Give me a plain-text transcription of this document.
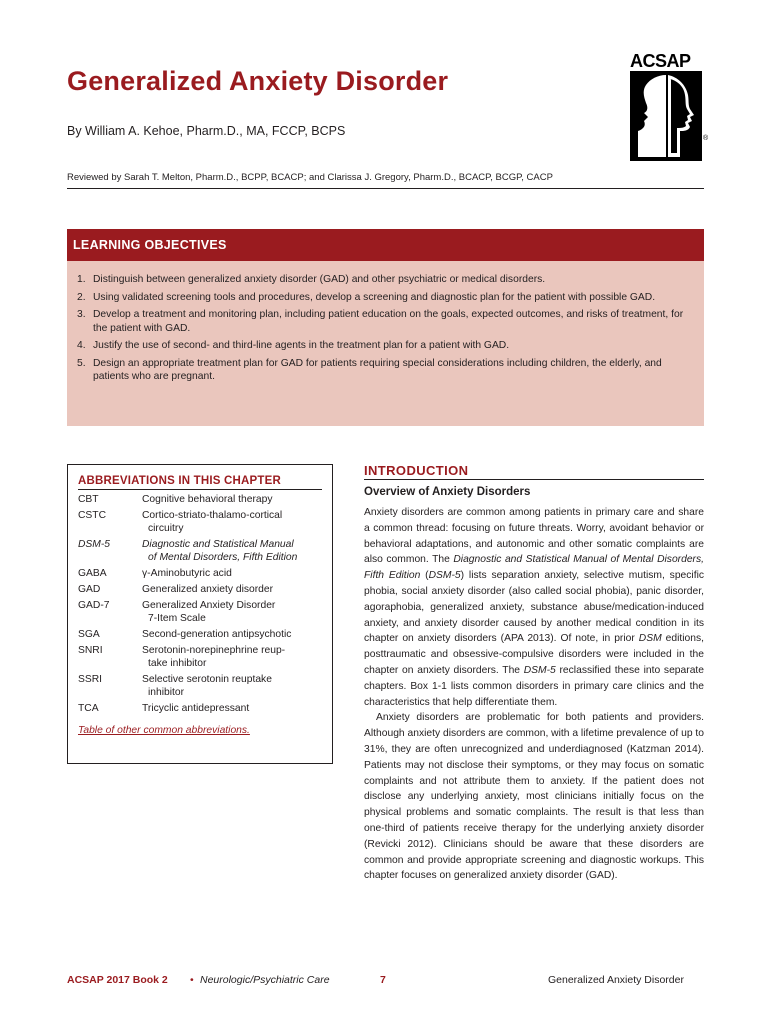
Generalized Anxiety Disorder
By William A. Kehoe, Pharm.D., MA, FCCP, BCPS
Reviewed by Sarah T. Melton, Pharm.D., BCPP, BCACP; and Clarissa J. Gregory, Pharm.D., BCACP, BCGP, CACP
ACSAP
®
LEARNING OBJECTIVES
1. Distinguish between generalized anxiety disorder (GAD) and other psychiatric or medical disorders.
2. Using validated screening tools and procedures, develop a screening and diagnostic plan for the patient with possible GAD.
3. Develop a treatment and monitoring plan, including patient education on the goals, expected outcomes, and risks of treatment, for the patient with GAD.
4. Justify the use of second- and third-line agents in the treatment plan for a patient with GAD.
5. Design an appropriate treatment plan for GAD for patients requiring special considerations including children, the elderly, and patients who are pregnant.
ABBREVIATIONS IN THIS CHAPTER
CBT	Cognitive behavioral therapy
CSTC	Cortico-striato-thalamo-cortical
circuitry
DSM-5	Diagnostic and Statistical Manual
of Mental Disorders, Fifth Edition
GABA	γ-Aminobutyric acid
GAD	Generalized anxiety disorder
GAD-7	Generalized Anxiety Disorder
7-Item Scale
SGA	Second-generation antipsychotic
SNRI	Serotonin-norepinephrine reup-
take inhibitor
SSRI	Selective serotonin reuptake
inhibitor
TCA	Tricyclic antidepressant
Table of other common abbreviations.
INTRODUCTION
Overview of Anxiety Disorders

Anxiety disorders are common among patients in primary care and share a common thread: focusing on future threats. Worry, avoidant behavior or behavioral adaptations, and autonomic and other somatic complaints are also common. The Diagnostic and Statistical Manual of Mental Disorders, Fifth Edition (DSM-5) lists separation anxiety, selective mutism, specific phobia, social anxiety disorder (also called social phobia), panic disorder, agoraphobia, generalized anxiety, substance abuse/medication-induced anxiety, and anxiety disorder caused by another medical condition in its chapter on anxiety disorders (APA 2013). Of note, in prior DSM editions, posttraumatic and obsessive-compulsive disorders were included in the chapter on anxiety disorders. The DSM-5 reclassified these into separate chapters. Box 1-1 lists common disorders in primary care clinics and the characteristics that help differentiate them.

Anxiety disorders are problematic for both patients and providers. Although anxiety disorders are common, with a lifetime prevalence of up to 31%, they are often unrecognized and underdiagnosed (Katzman 2014). Patients may not disclose their symptoms, or they may focus on somatic complaints and not attribute them to anxiety. If the patient does not disclose any underlying anxiety, most clinicians initially focus on the physical problems and somatic complaints. The result is that less than one-third of patients receive therapy for the underlying anxiety disorder (Revicki 2012). Clinicians should be aware that these disorders are common and provide appropriate screening and diagnostic workups. This chapter focuses on generalized anxiety disorder (GAD).

ACSAP 2017 Book 2 • Neurologic/Psychiatric Care	7	Generalized Anxiety Disorder
